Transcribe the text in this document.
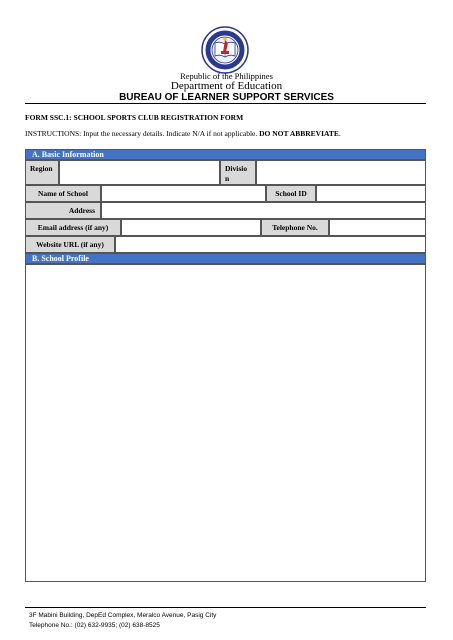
Republic of the Philippines
Department of Education
BUREAU OF LEARNER SUPPORT SERVICES
FORM SSC.1: SCHOOL SPORTS CLUB REGISTRATION FORM
INSTRUCTIONS: Input the necessary details. Indicate N/A if not applicable. DO NOT ABBREVIATE.
A. Basic Information
Region	Divisio
n
Name of School	School ID
Address
Email address (if any)	Telephone No.
Website URL (if any)
B. School Profile
3F Mabini Building, DepEd Complex, Meralco Avenue, Pasig City
Telephone No.: (02) 632-9935; (02) 638-8525
